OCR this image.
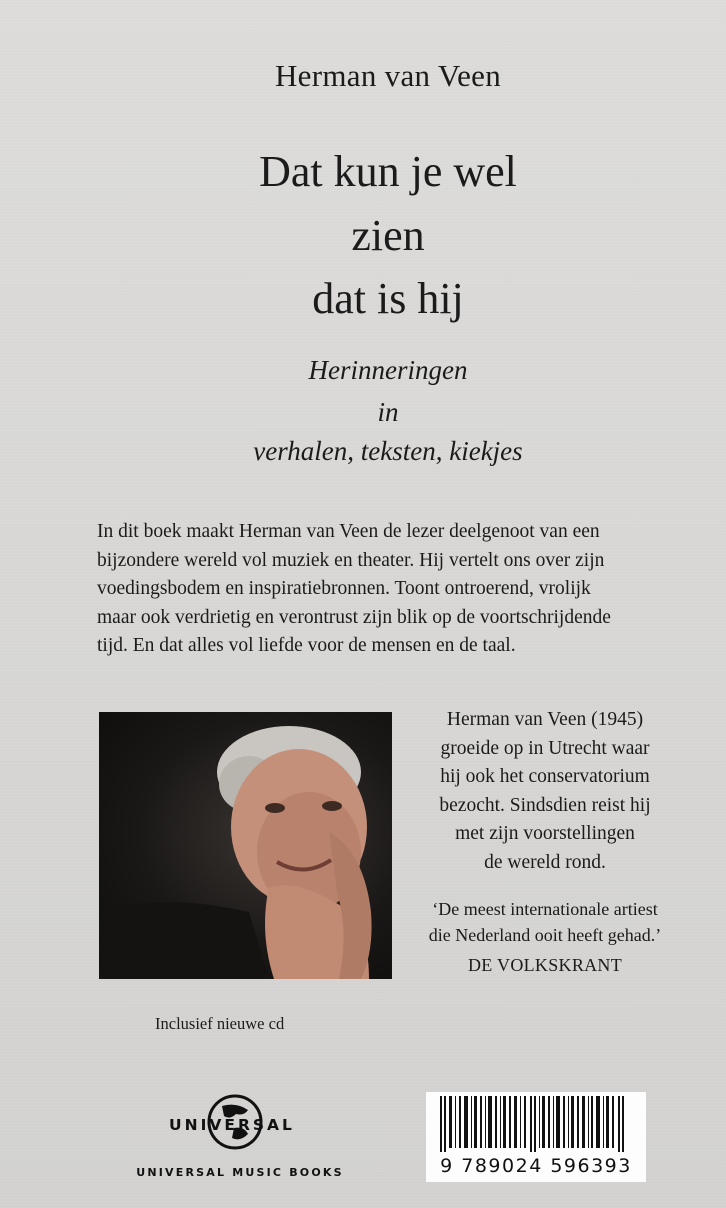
Herman van Veen
Dat kun je wel
zien
dat is hij
Herinneringen
in
verhalen, teksten, kiekjes
In dit boek maakt Herman van Veen de lezer deelgenoot van een
bijzondere wereld vol muziek en theater. Hij vertelt ons over zijn
voedingsbodem en inspiratiebronnen. Toont ontroerend, vrolijk
maar ook verdrietig en verontrust zijn blik op de voortschrijdende
tijd. En dat alles vol liefde voor de mensen en de taal.
Herman van Veen (1945)
groeide op in Utrecht waar
hij ook het conservatorium
bezocht. Sindsdien reist hij
met zijn voorstellingen
de wereld rond.
‘De meest internationale artiest
die Nederland ooit heeft gehad.’
DE VOLKSKRANT
Inclusief nieuwe cd
UNIVERSAL
UNIVERSAL MUSIC BOOKS	9 789024 596393
